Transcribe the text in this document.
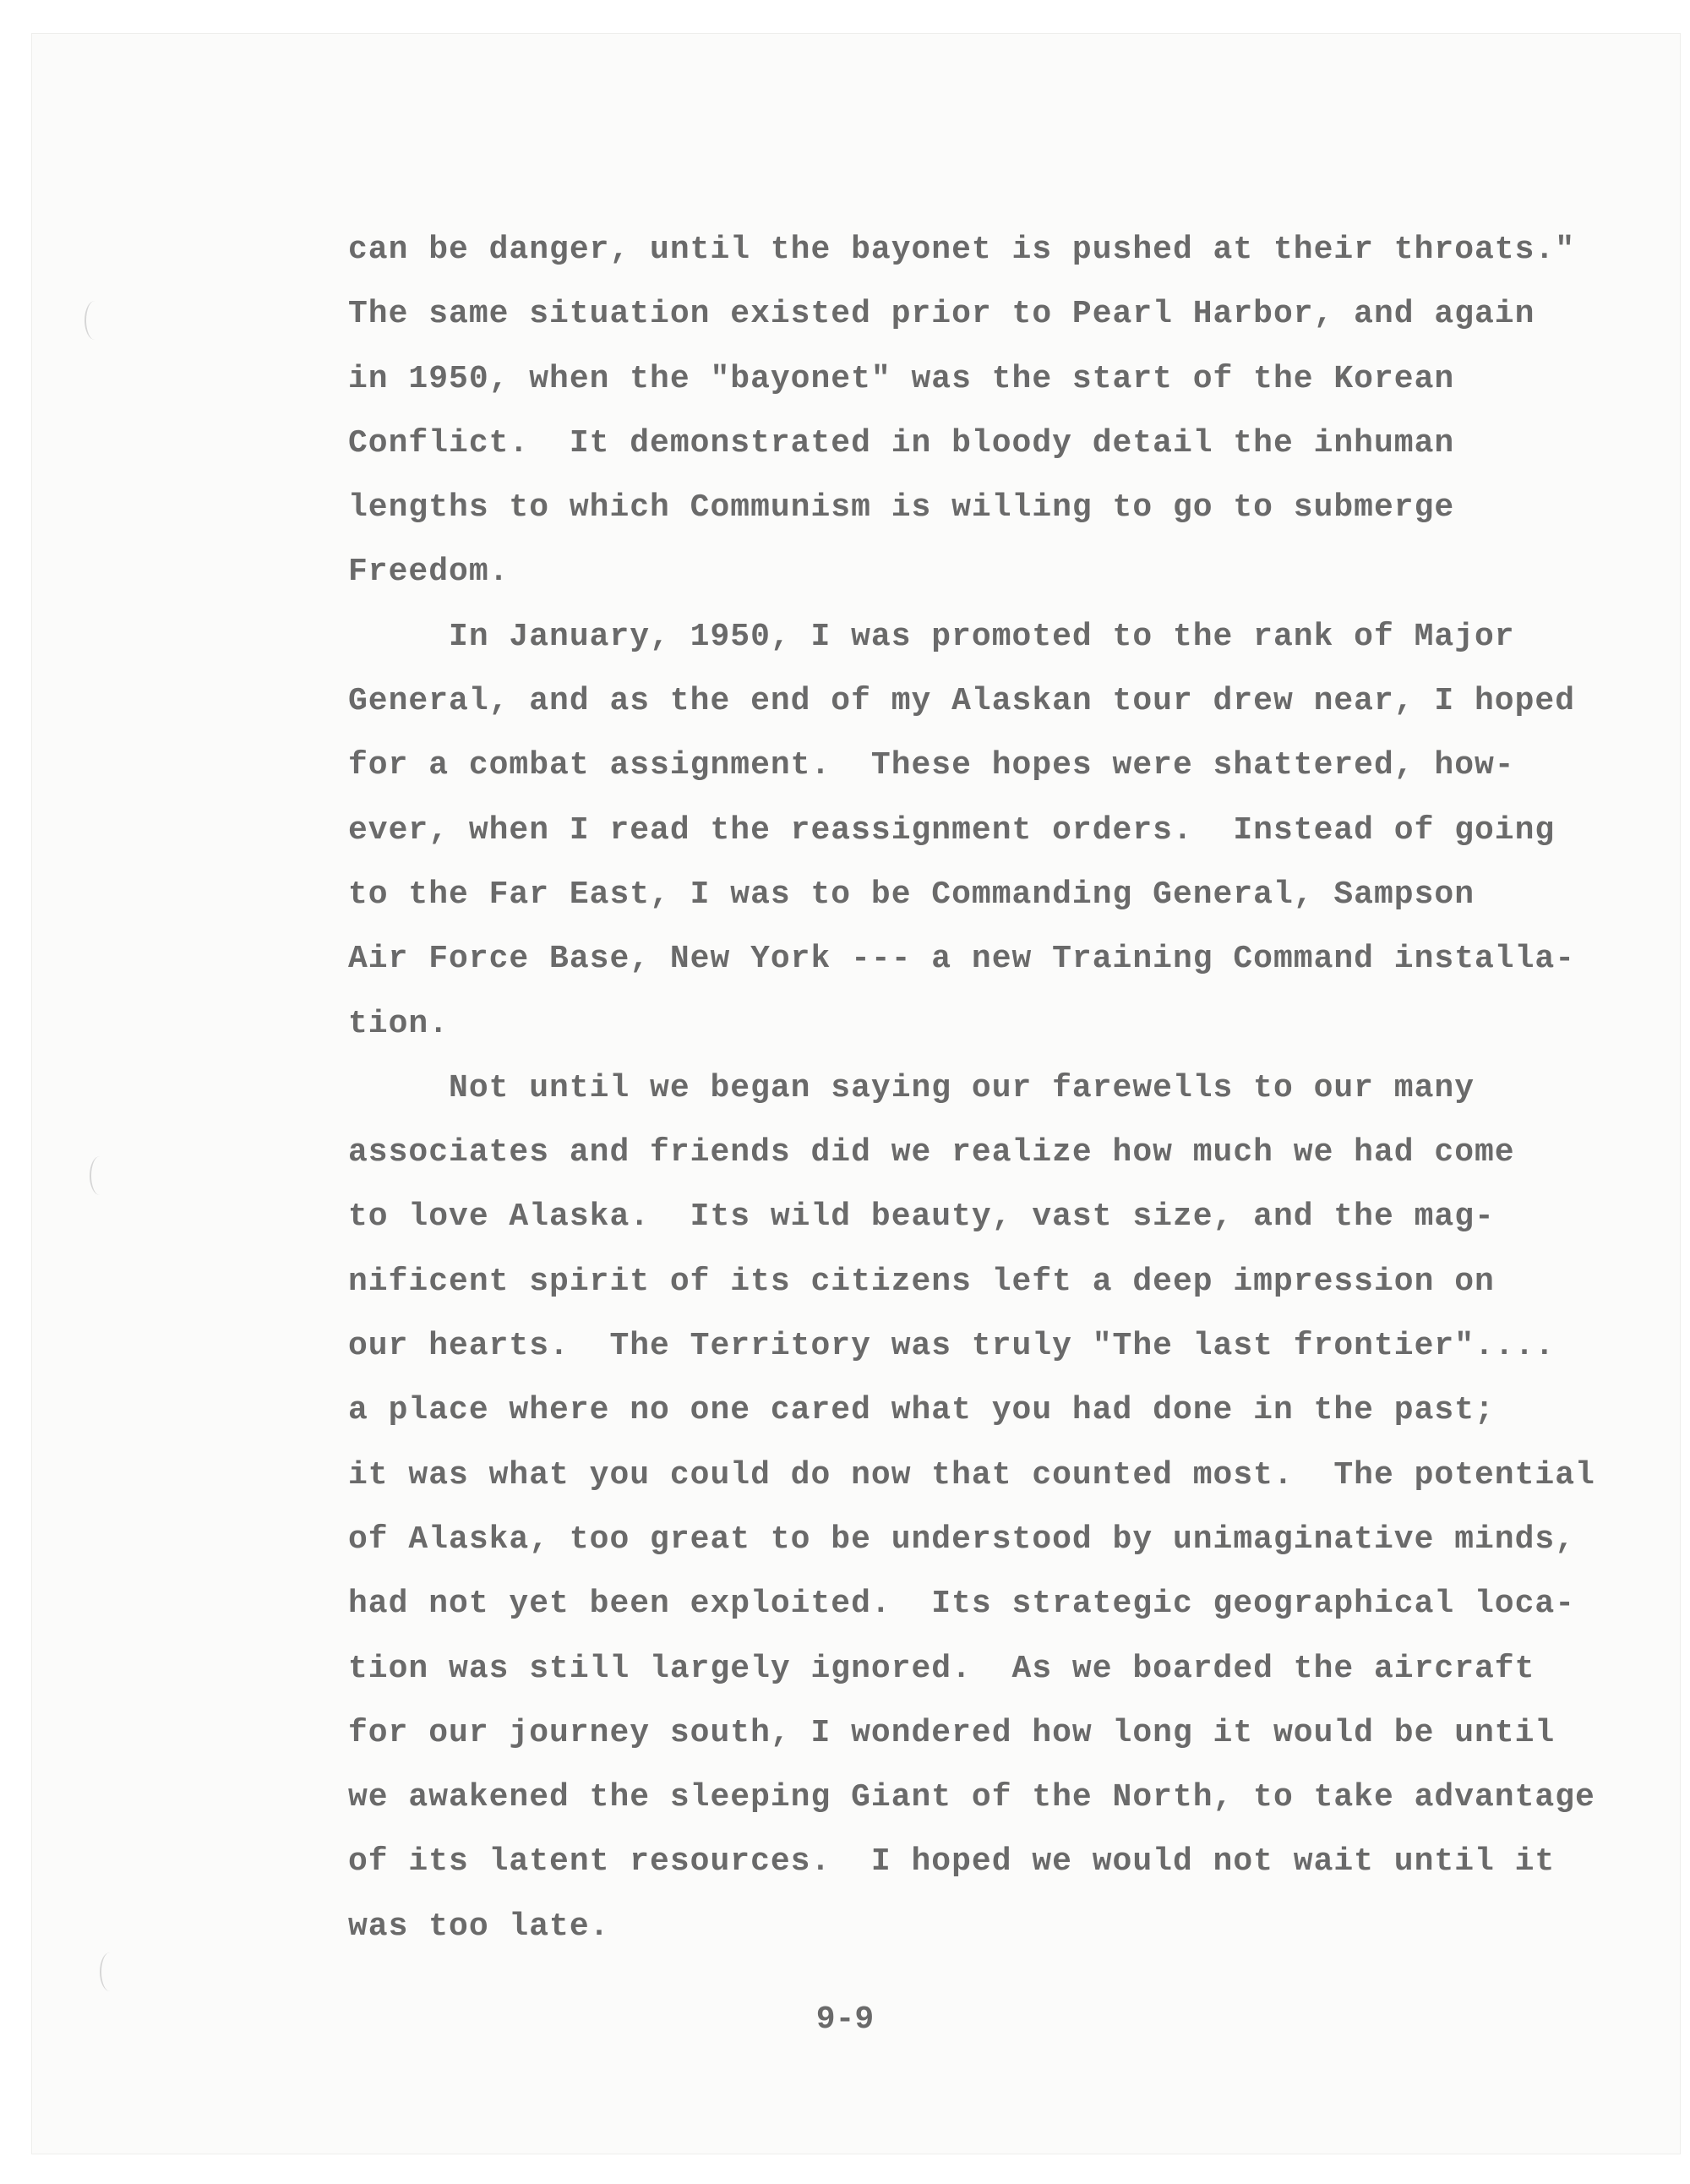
can be danger, until the bayonet is pushed at their throats."
The same situation existed prior to Pearl Harbor, and again
in 1950, when the "bayonet" was the start of the Korean
Conflict.  It demonstrated in bloody detail the inhuman
lengths to which Communism is willing to go to submerge
Freedom.
In January, 1950, I was promoted to the rank of Major
General, and as the end of my Alaskan tour drew near, I hoped
for a combat assignment.  These hopes were shattered, how-
ever, when I read the reassignment orders.  Instead of going
to the Far East, I was to be Commanding General, Sampson
Air Force Base, New York --- a new Training Command installa-
tion.
Not until we began saying our farewells to our many
associates and friends did we realize how much we had come
to love Alaska.  Its wild beauty, vast size, and the mag-
nificent spirit of its citizens left a deep impression on
our hearts.  The Territory was truly "The last frontier"....
a place where no one cared what you had done in the past;
it was what you could do now that counted most.  The potential
of Alaska, too great to be understood by unimaginative minds,
had not yet been exploited.  Its strategic geographical loca-
tion was still largely ignored.  As we boarded the aircraft
for our journey south, I wondered how long it would be until
we awakened the sleeping Giant of the North, to take advantage
of its latent resources.  I hoped we would not wait until it
was too late.
9-9
